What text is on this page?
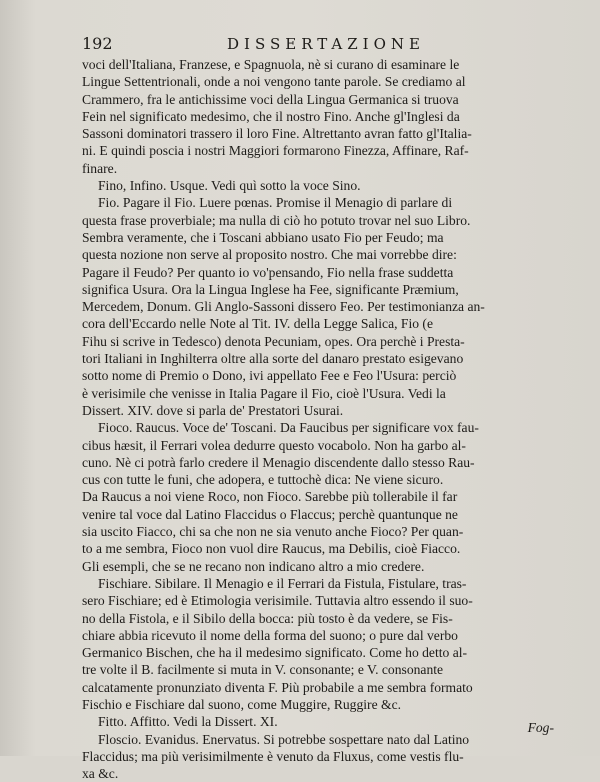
192	DISSERTAZIONE
voci dell'Italiana, Franzese, e Spagnuola, nè si curano di esaminare le
Lingue Settentrionali, onde a noi vengono tante parole. Se crediamo al
Crammero, fra le antichissime voci della Lingua Germanica si truova
Fein nel significato medesimo, che il nostro Fino. Anche gl'Inglesi da
Sassoni dominatori trassero il loro Fine. Altrettanto avran fatto gl'Italia-
ni. E quindi poscia i nostri Maggiori formarono Finezza, Affinare, Raf-
finare.
Fino, Infino. Usque. Vedi quì sotto la voce Sino.
Fio. Pagare il Fio. Luere pœnas. Promise il Menagio di parlare di
questa frase proverbiale; ma nulla di ciò ho potuto trovar nel suo Libro.
Sembra veramente, che i Toscani abbiano usato Fio per Feudo; ma
questa nozione non serve al proposito nostro. Che mai vorrebbe dire:
Pagare il Feudo? Per quanto io vo'pensando, Fio nella frase suddetta
significa Usura. Ora la Lingua Inglese ha Fee, significante Præmium,
Mercedem, Donum. Gli Anglo-Sassoni dissero Feo. Per testimonianza an-
cora dell'Eccardo nelle Note al Tit. IV. della Legge Salica, Fio (e
Fihu si scrive in Tedesco) denota Pecuniam, opes. Ora perchè i Presta-
tori Italiani in Inghilterra oltre alla sorte del danaro prestato esigevano
sotto nome di Premio o Dono, ivi appellato Fee e Feo l'Usura: perciò
è verisimile che venisse in Italia Pagare il Fio, cioè l'Usura. Vedi la
Dissert. XIV. dove si parla de' Prestatori Usurai.
Fioco. Raucus. Voce de' Toscani. Da Faucibus per significare vox fau-
cibus hæsit, il Ferrari volea dedurre questo vocabolo. Non ha garbo al-
cuno. Nè ci potrà farlo credere il Menagio discendente dallo stesso Rau-
cus con tutte le funi, che adopera, e tuttochè dica: Ne viene sicuro.
Da Raucus a noi viene Roco, non Fioco. Sarebbe più tollerabile il far
venire tal voce dal Latino Flaccidus o Flaccus; perchè quantunque ne
sia uscito Fiacco, chi sa che non ne sia venuto anche Fioco? Per quan-
to a me sembra, Fioco non vuol dire Raucus, ma Debilis, cioè Fiacco.
Gli esempli, che se ne recano non indicano altro a mio credere.
Fischiare. Sibilare. Il Menagio e il Ferrari da Fistula, Fistulare, tras-
sero Fischiare; ed è Etimologia verisimile. Tuttavia altro essendo il suo-
no della Fistola, e il Sibilo della bocca: più tosto è da vedere, se Fis-
chiare abbia ricevuto il nome della forma del suono; o pure dal verbo
Germanico Bischen, che ha il medesimo significato. Come ho detto al-
tre volte il B. facilmente si muta in V. consonante; e V. consonante
calcatamente pronunziato diventa F. Più probabile a me sembra formato
Fischio e Fischiare dal suono, come Muggire, Ruggire &c.
Fitto. Affitto. Vedi la Dissert. XI.
Floscio. Evanidus. Enervatus. Si potrebbe sospettare nato dal Latino
Flaccidus; ma più verisimilmente è venuto da Fluxus, come vestis flu-
xa &c.
Fog-
